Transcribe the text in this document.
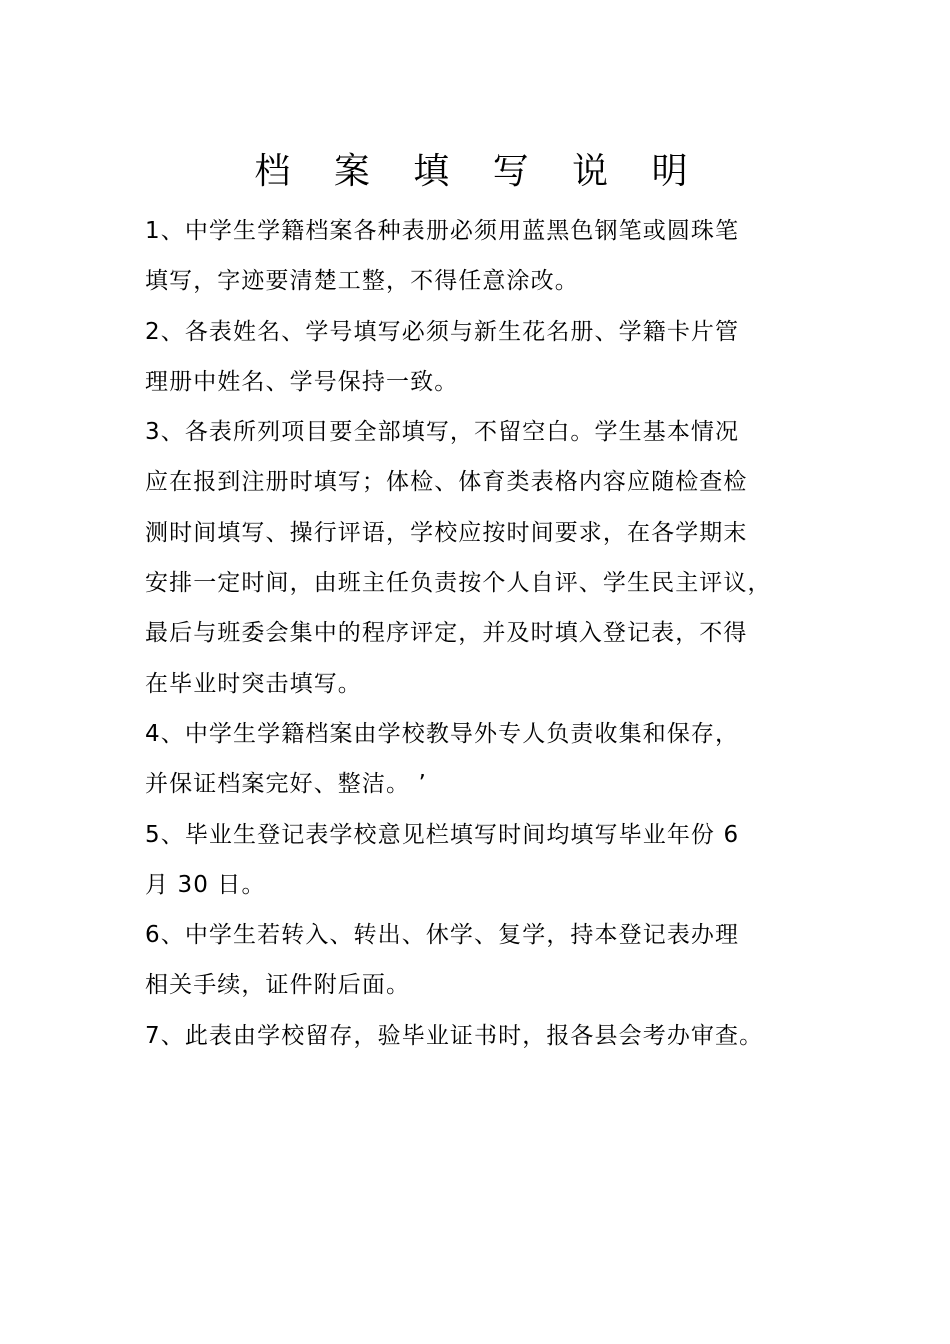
档 案 填 写 说 明
1、中学生学籍档案各种表册必须用蓝黑色钢笔或圆珠笔
填写，字迹要清楚工整，不得任意涂改。
2、各表姓名、学号填写必须与新生花名册、学籍卡片管
理册中姓名、学号保持一致。
3、各表所列项目要全部填写，不留空白。学生基本情况
应在报到注册时填写；体检、体育类表格内容应随检查检
测时间填写、操行评语，学校应按时间要求，在各学期末
安排一定时间，由班主任负责按个人自评、学生民主评议，
最后与班委会集中的程序评定，并及时填入登记表，不得
在毕业时突击填写。
4、中学生学籍档案由学校教导外专人负责收集和保存，
并保证档案完好、整洁。 ’
5、毕业生登记表学校意见栏填写时间均填写毕业年份 6
月 30 日。
6、中学生若转入、转出、休学、复学，持本登记表办理
相关手续，证件附后面。
7、此表由学校留存，验毕业证书时，报各县会考办审查。
